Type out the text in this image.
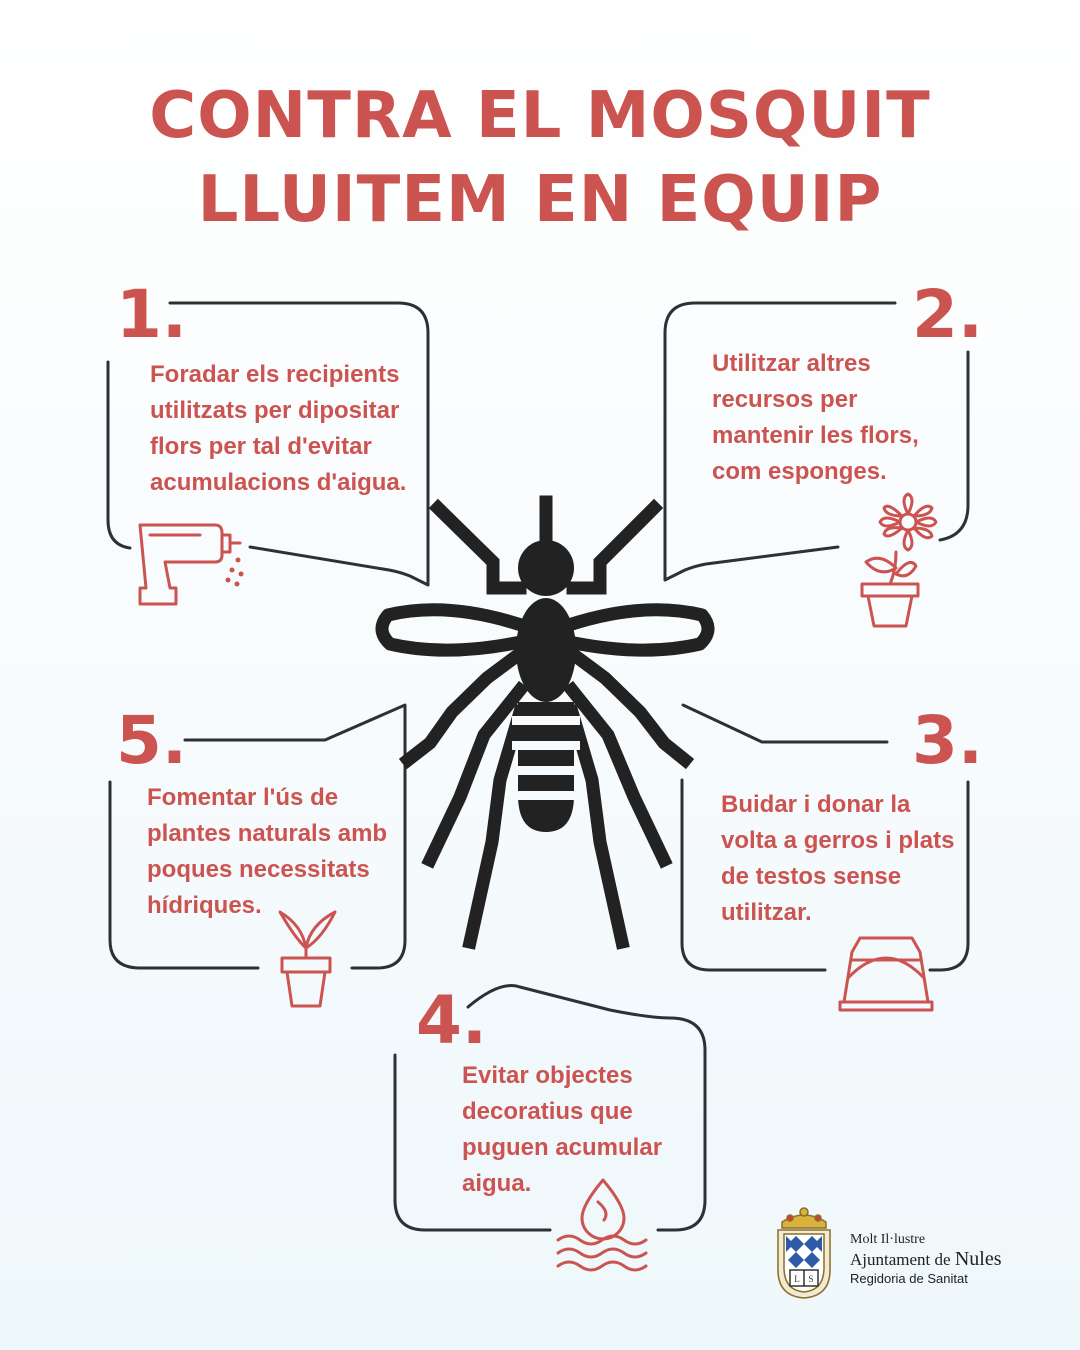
CONTRA EL MOSQUIT
LLUITEM EN EQUIP
1.
Foradar els recipients
utilitzats per dipositar
flors per tal d'evitar
acumulacions d'aigua.
2.
Utilitzar altres
recursos per
mantenir les flors,
com esponges.
5.
Fomentar l'ús de
plantes naturals amb
poques necessitats
hídriques.
3.
Buidar i donar la
volta a gerros i plats
de testos sense
utilitzar.
4.
Evitar objectes
decoratius que
puguen acumular
aigua.
L S
Molt Il·lustre
Ajuntament de Nules
Regidoria de Sanitat
